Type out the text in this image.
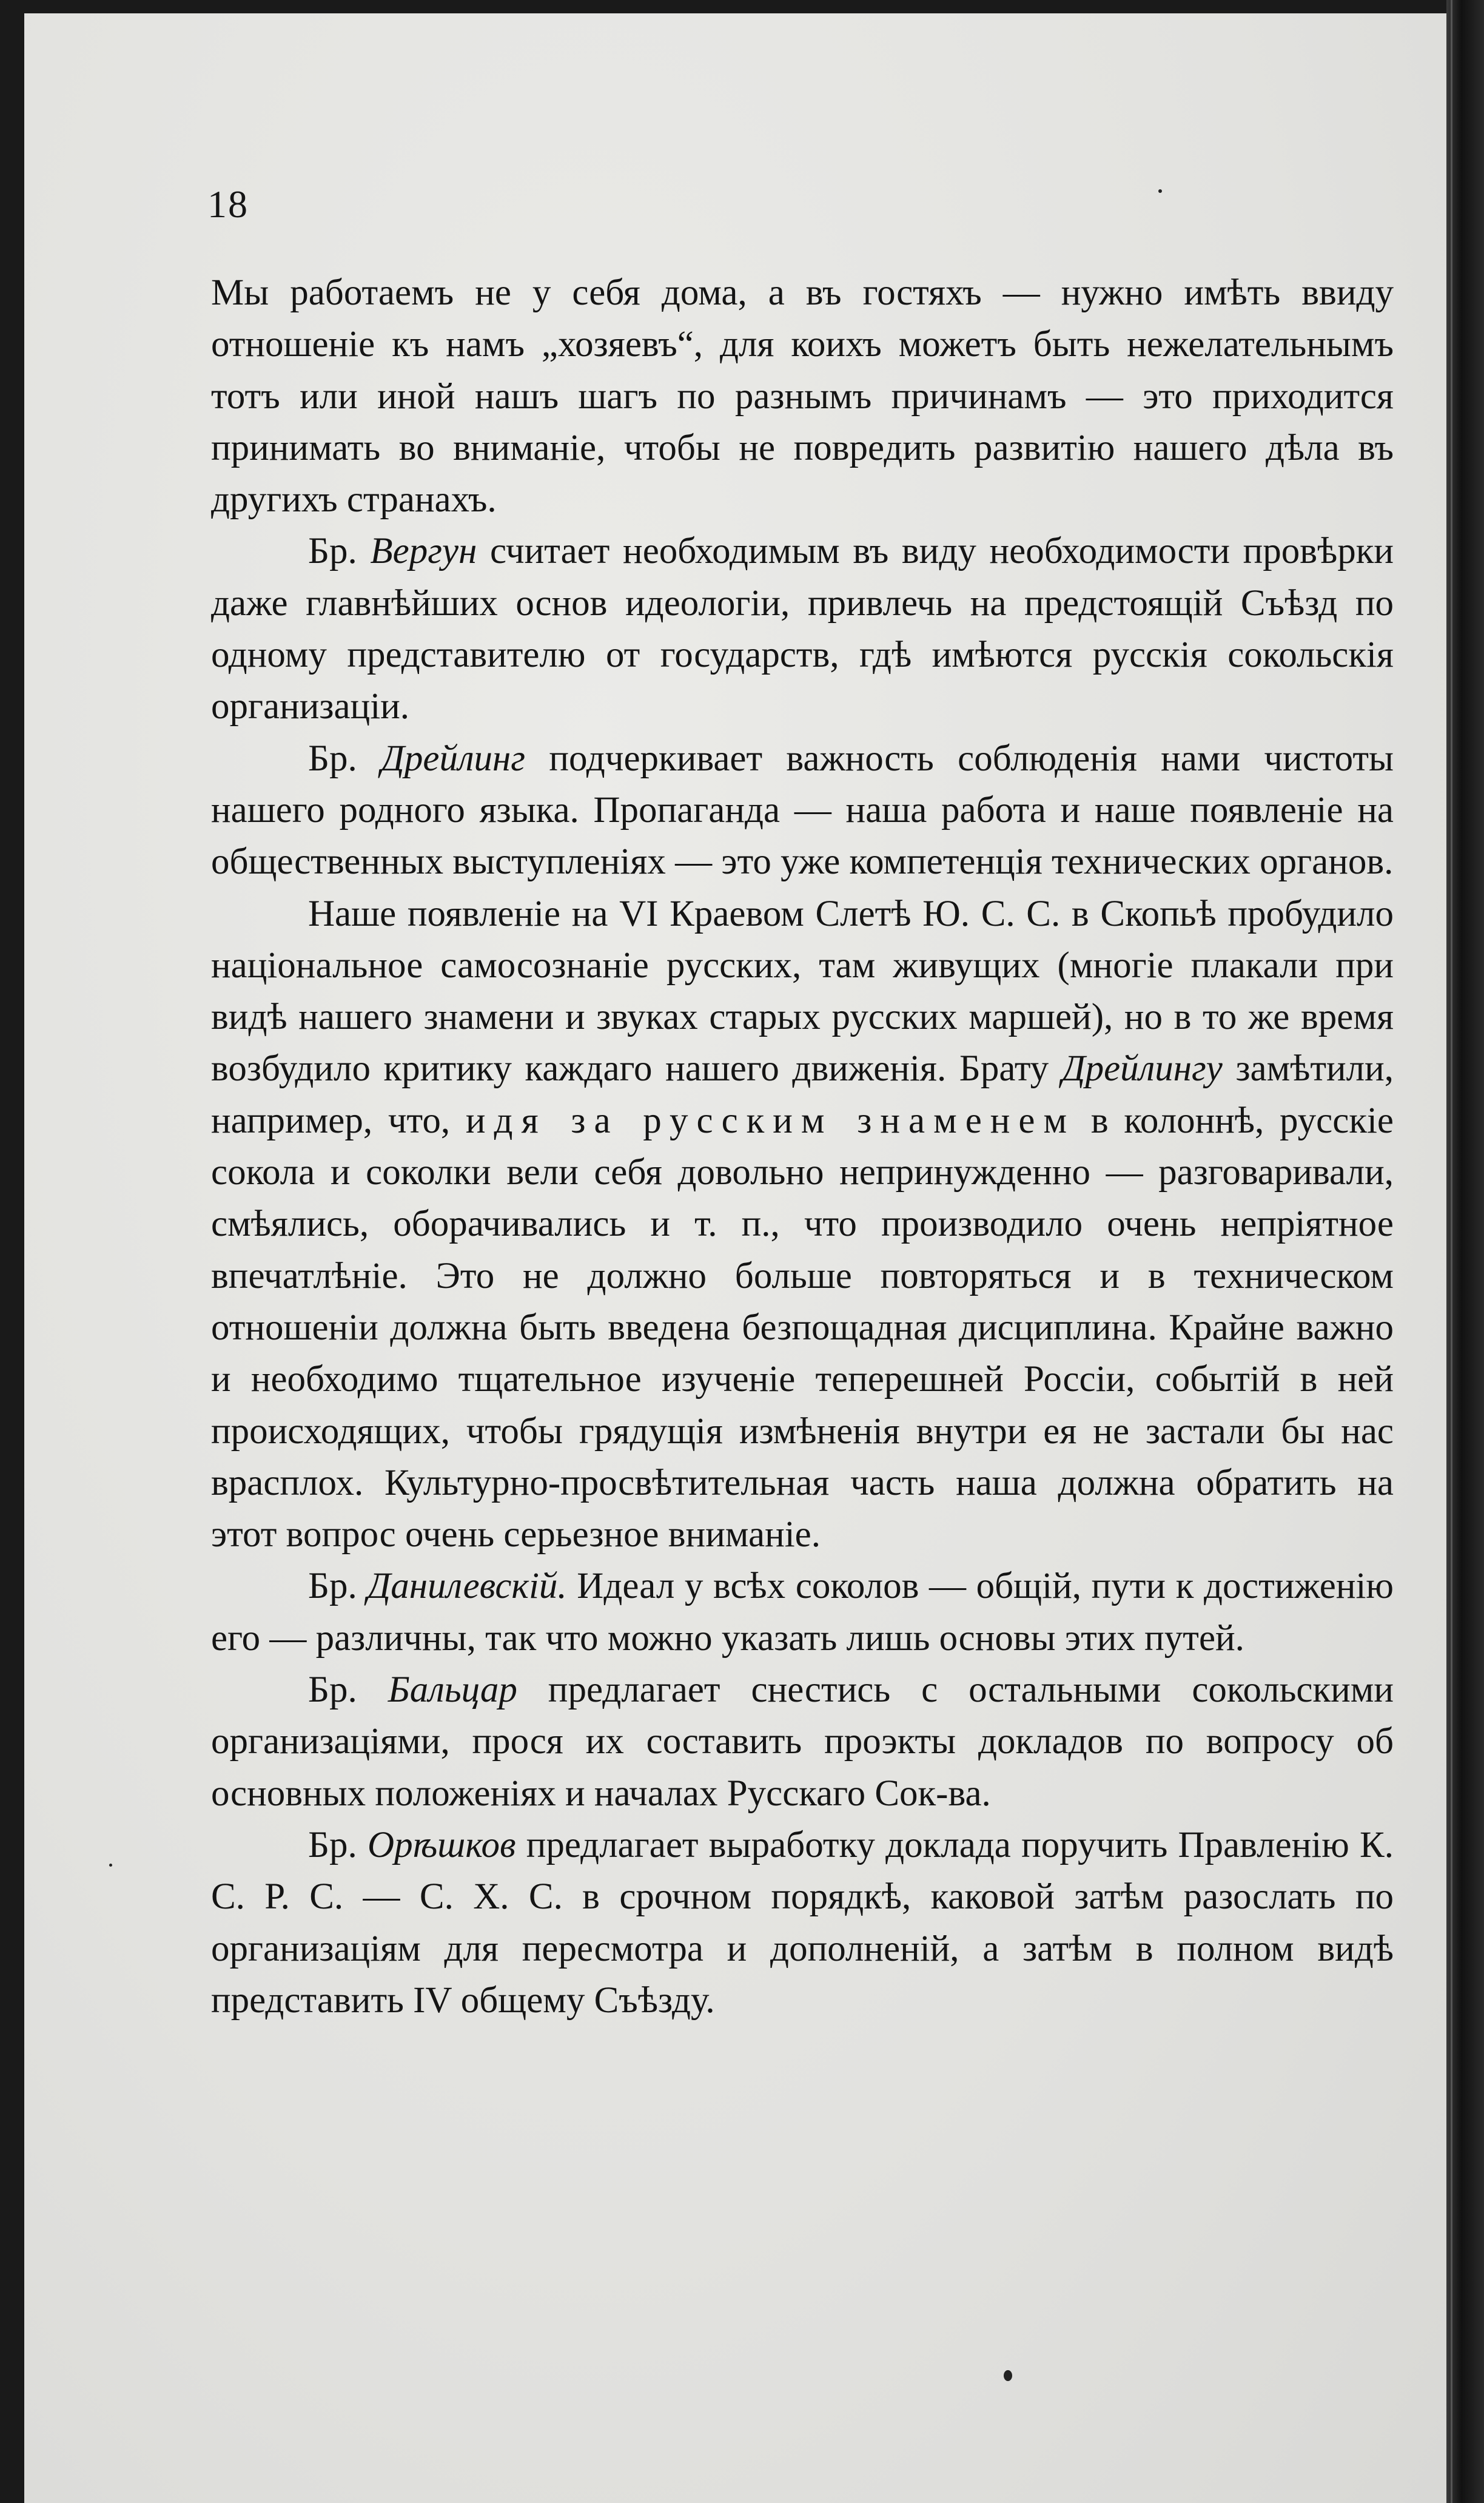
18

Мы работаемъ не у себя дома, а въ гостяхъ — нужно имѣть ввиду отношеніе къ намъ „хозяевъ“, для коихъ можетъ быть нежелательнымъ тотъ или иной нашъ шагъ по разнымъ причинамъ — это приходится принимать во вниманіе, чтобы не повредить развитію нашего дѣла въ другихъ странахъ.

Бр. Вергун считает необходимым въ виду необходимости провѣрки даже главнѣйших основ идеологіи, привлечь на предстоящій Съѣзд по одному представителю от государств, гдѣ имѣются русскія сокольскія организаціи.

Бр. Дрейлинг подчеркивает важность соблюденія нами чистоты нашего родного языка. Пропаганда — наша работа и наше появленіе на общественных выступленіях — это уже компетенція технических органов.

Наше появленіе на VI Краевом Слетѣ Ю. С. С. в Скопьѣ пробудило національное самосознаніе русских, там живущих (многіе плакали при видѣ нашего знамени и звуках старых русских маршей), но в то же время возбудило критику каждаго нашего движенія. Брату Дрейлингу замѣтили, например, что, идя за русским знаменем в колоннѣ, русскіе сокола и соколки вели себя довольно непринужденно — разговаривали, смѣялись, оборачивались и т. п., что производило очень непріятное впечатлѣніе. Это не должно больше повторяться и в техническом отношеніи должна быть введена безпощадная дисциплина. Крайне важно и необходимо тщательное изученіе теперешней Россіи, событій в ней происходящих, чтобы грядущія измѣненія внутри ея не застали бы нас врасплох. Культурно-просвѣтительная часть наша должна обратить на этот вопрос очень серьезное вниманіе.

Бр. Данилевскій. Идеал у всѣх соколов — общій, пути к достиженію его — различны, так что можно указать лишь основы этих путей.

Бр. Бальцар предлагает снестись с остальными сокольскими организаціями, прося их составить проэкты докладов по вопросу об основных положеніях и началах Русскаго Сок-ва.

Бр. Орѣшков предлагает выработку доклада поручить Правленію К. С. Р. С. — С. Х. С. в срочном порядкѣ, каковой затѣм разослать по организаціям для пересмотра и дополненій, а затѣм в полном видѣ представить IV общему Съѣзду.
